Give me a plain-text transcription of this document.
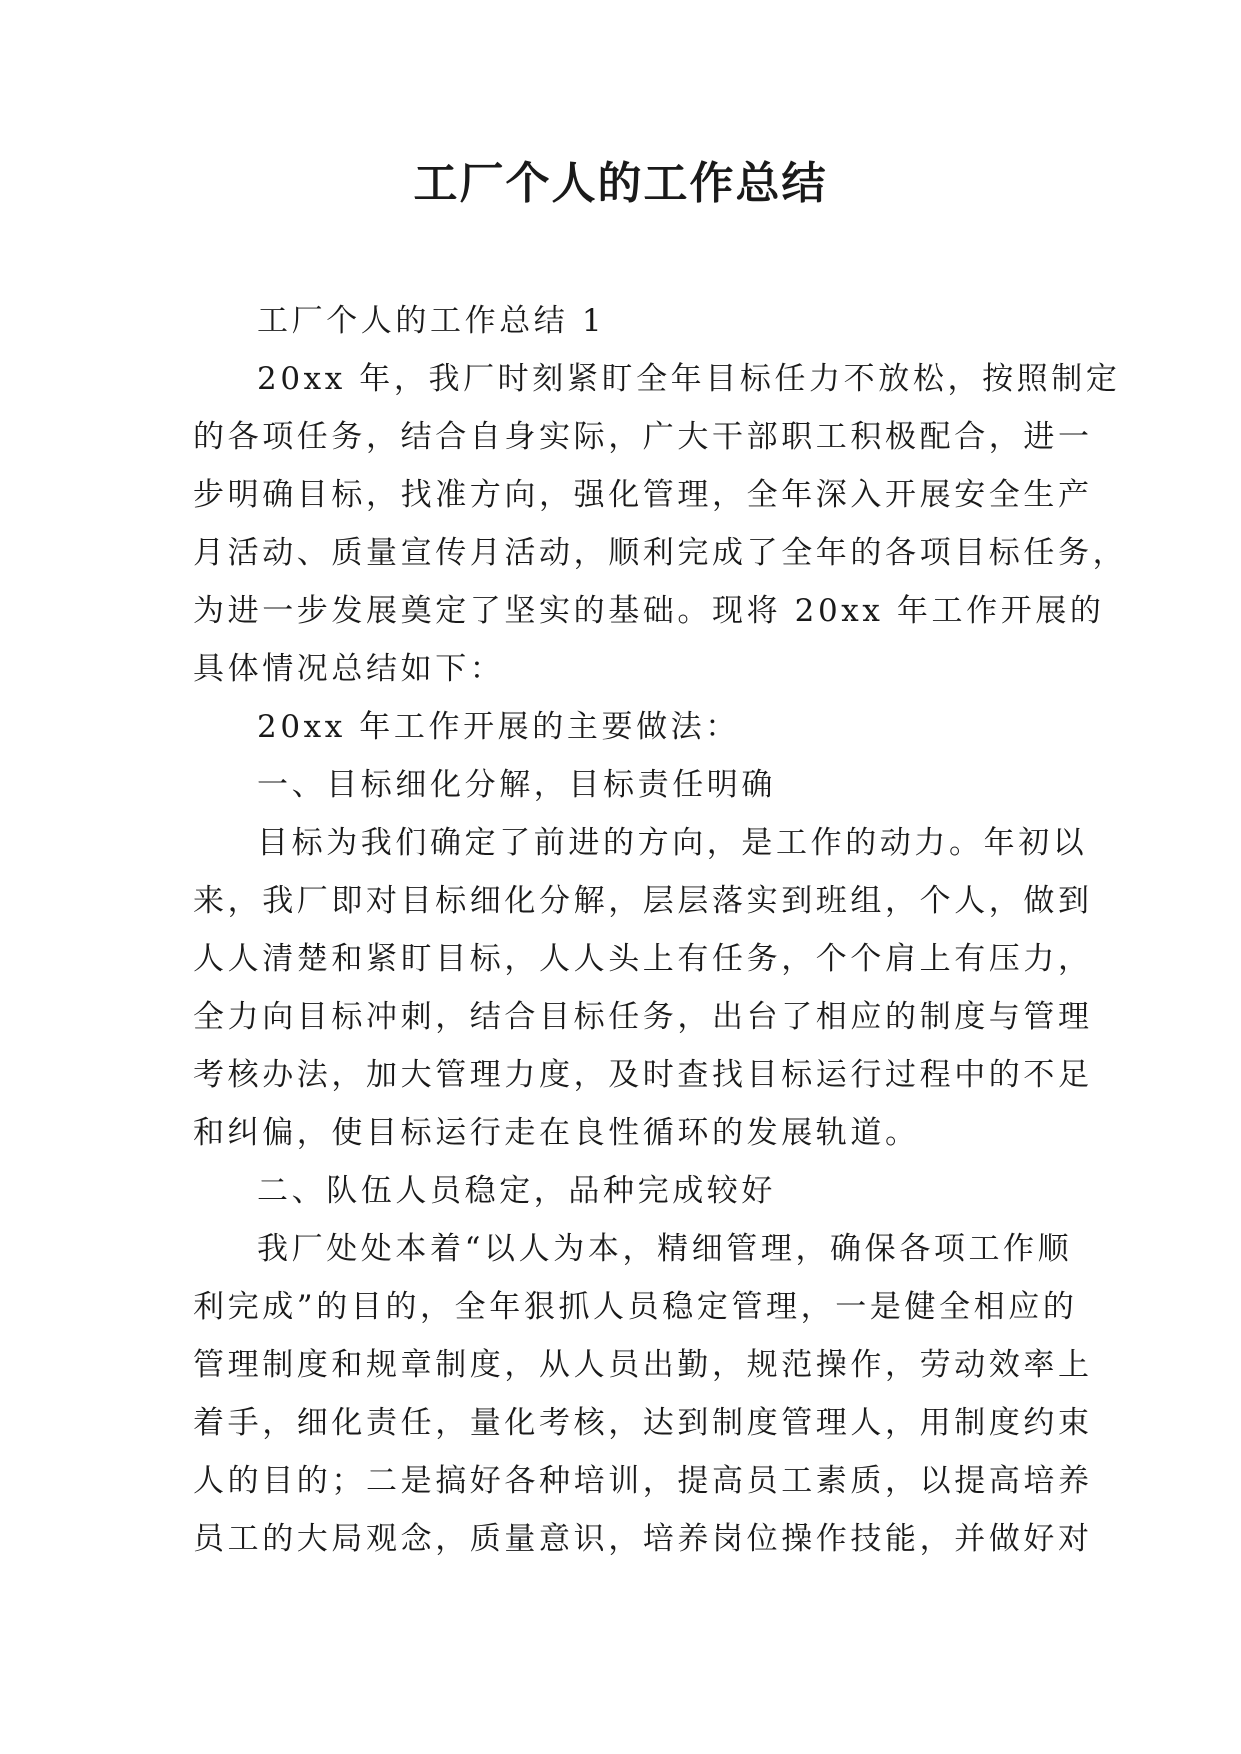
工厂个人的工作总结
工厂个人的工作总结 1
20xx 年，我厂时刻紧盯全年目标任力不放松，按照制定
的各项任务，结合自身实际，广大干部职工积极配合，进一
步明确目标，找准方向，强化管理，全年深入开展安全生产
月活动、质量宣传月活动，顺利完成了全年的各项目标任务，
为进一步发展奠定了坚实的基础。现将 20xx 年工作开展的
具体情况总结如下：
20xx 年工作开展的主要做法：
一、目标细化分解，目标责任明确
目标为我们确定了前进的方向，是工作的动力。年初以
来，我厂即对目标细化分解，层层落实到班组，个人，做到
人人清楚和紧盯目标，人人头上有任务，个个肩上有压力，
全力向目标冲刺，结合目标任务，出台了相应的制度与管理
考核办法，加大管理力度，及时查找目标运行过程中的不足
和纠偏，使目标运行走在良性循环的发展轨道。
二、队伍人员稳定，品种完成较好
我厂处处本着“以人为本，精细管理，确保各项工作顺
利完成”的目的，全年狠抓人员稳定管理，一是健全相应的
管理制度和规章制度，从人员出勤，规范操作，劳动效率上
着手，细化责任，量化考核，达到制度管理人，用制度约束
人的目的；二是搞好各种培训，提高员工素质，以提高培养
员工的大局观念，质量意识，培养岗位操作技能，并做好对
